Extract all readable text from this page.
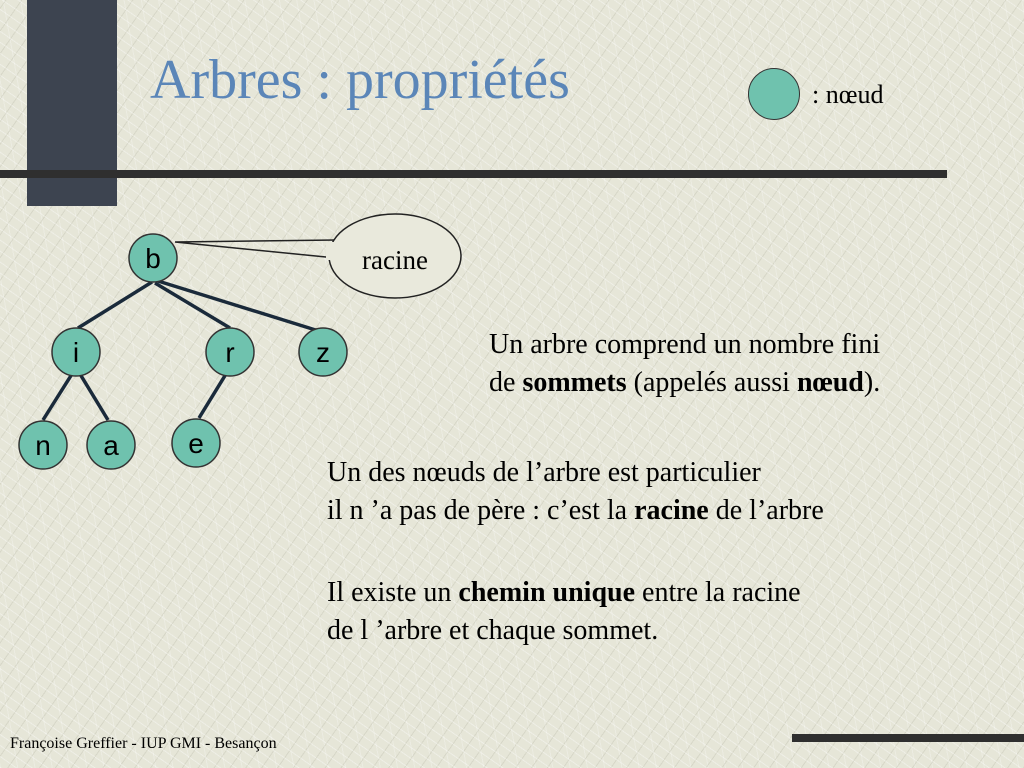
Arbres : propriétés	: nœud
racine
b
i	r	z
n a e
Un arbre comprend un nombre fini
de sommets (appelés aussi nœud).
Un des nœuds de l’arbre est particulier
il n ’a pas de père : c’est la racine de l’arbre
Il existe un chemin unique entre la racine
de l ’arbre et chaque sommet.
Françoise Greffier - IUP GMI - Besançon
